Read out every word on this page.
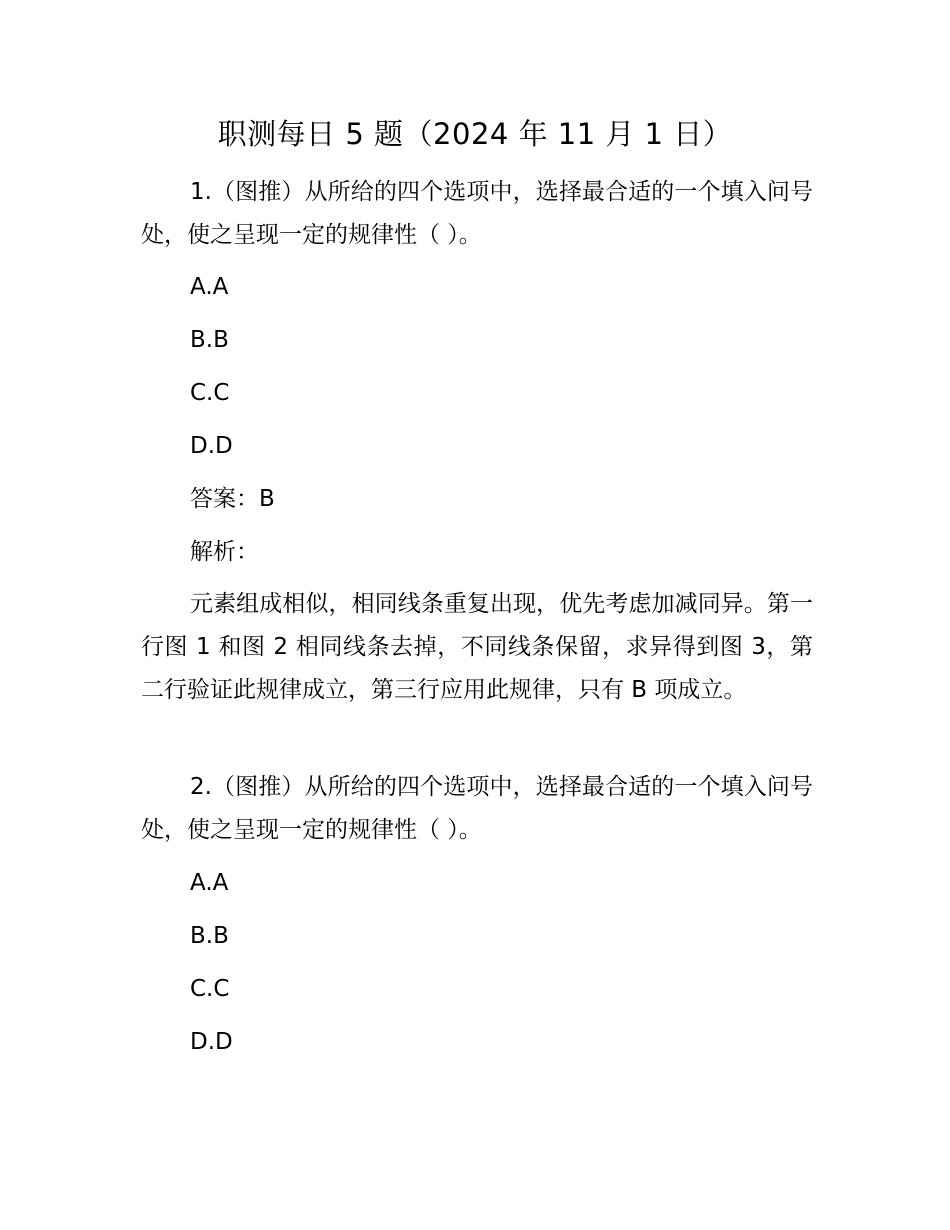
职测每日 5 题（2024 年 11 月 1 日）

1.（图推）从所给的四个选项中，选择最合适的一个填入问号处，使之呈现一定的规律性（ ）。

A.A

B.B

C.C

D.D

答案：B

解析：

元素组成相似，相同线条重复出现，优先考虑加减同异。第一行图 1 和图 2 相同线条去掉，不同线条保留，求异得到图 3，第二行验证此规律成立，第三行应用此规律，只有 B 项成立。

2.（图推）从所给的四个选项中，选择最合适的一个填入问号处，使之呈现一定的规律性（ ）。

A.A

B.B

C.C

D.D
